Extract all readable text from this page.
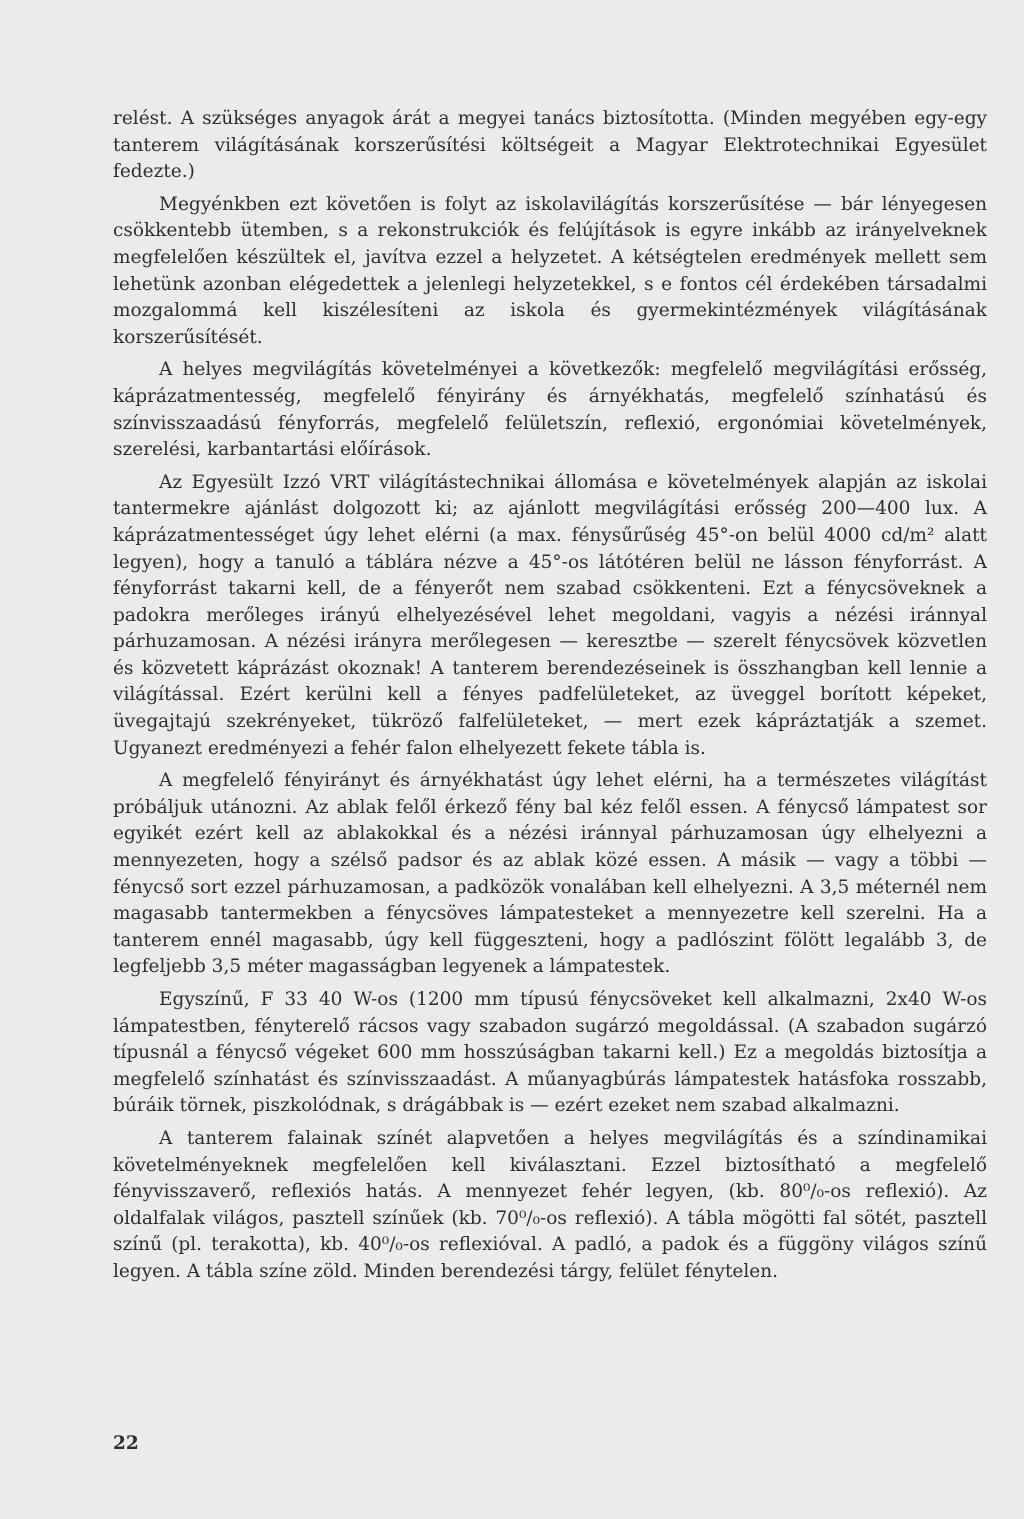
relést. A szükséges anyagok árát a megyei tanács biztosította. (Minden megyében egy-egy tanterem világításának korszerűsítési költségeit a Magyar Elektrotechnikai Egyesület fedezte.)

Megyénkben ezt követően is folyt az iskolavilágítás korszerűsítése — bár lényegesen csökkentebb ütemben, s a rekonstrukciók és felújítások is egyre inkább az irányelveknek megfelelően készültek el, javítva ezzel a helyzetet. A kétségtelen eredmények mellett sem lehetünk azonban elégedettek a jelenlegi helyzetekkel, s e fontos cél érdekében társadalmi mozgalommá kell kiszélesíteni az iskola és gyermekintézmények világításának korszerűsítését.

A helyes megvilágítás követelményei a következők: megfelelő megvilágítási erősség, káprázatmentesség, megfelelő fényirány és árnyékhatás, megfelelő színhatású és színvisszaadású fényforrás, megfelelő felületszín, reflexió, ergonómiai követelmények, szerelési, karbantartási előírások.

Az Egyesült Izzó VRT világítástechnikai állomása e követelmények alapján az iskolai tantermekre ajánlást dolgozott ki; az ajánlott megvilágítási erősség 200—400 lux. A káprázatmentességet úgy lehet elérni (a max. fénysűrűség 45°-on belül 4000 cd/m² alatt legyen), hogy a tanuló a táblára nézve a 45°-os látótéren belül ne lásson fényforrást. A fényforrást takarni kell, de a fényerőt nem szabad csökkenteni. Ezt a fénycsöveknek a padokra merőleges irányú elhelyezésével lehet megoldani, vagyis a nézési iránnyal párhuzamosan. A nézési irányra merőlegesen — keresztbe — szerelt fénycsövek közvetlen és közvetett káprázást okoznak! A tanterem berendezéseinek is összhangban kell lennie a világítással. Ezért kerülni kell a fényes padfelületeket, az üveggel borított képeket, üvegajtajú szekrényeket, tükröző falfelületeket, — mert ezek kápráztatják a szemet. Ugyanezt eredményezi a fehér falon elhelyezett fekete tábla is.

A megfelelő fényirányt és árnyékhatást úgy lehet elérni, ha a természetes világítást próbáljuk utánozni. Az ablak felől érkező fény bal kéz felől essen. A fénycső lámpatest sor egyikét ezért kell az ablakokkal és a nézési iránnyal párhuzamosan úgy elhelyezni a mennyezeten, hogy a szélső padsor és az ablak közé essen. A másik — vagy a többi — fénycső sort ezzel párhuzamosan, a padközök vonalában kell elhelyezni. A 3,5 méternél nem magasabb tantermekben a fénycsöves lámpatesteket a mennyezetre kell szerelni. Ha a tanterem ennél magasabb, úgy kell függeszteni, hogy a padlószint fölött legalább 3, de legfeljebb 3,5 méter magasságban legyenek a lámpatestek.

Egyszínű, F 33 40 W-os (1200 mm típusú fénycsöveket kell alkalmazni, 2x40 W-os lámpatestben, fényterelő rácsos vagy szabadon sugárzó megoldással. (A szabadon sugárzó típusnál a fénycső végeket 600 mm hosszúságban takarni kell.) Ez a megoldás biztosítja a megfelelő színhatást és színvisszaadást. A műanyagbúrás lámpatestek hatásfoka rosszabb, búráik törnek, piszkolódnak, s drágábbak is — ezért ezeket nem szabad alkalmazni.

A tanterem falainak színét alapvetően a helyes megvilágítás és a színdinamikai követelményeknek megfelelően kell kiválasztani. Ezzel biztosítható a megfelelő fényvisszaverő, reflexiós hatás. A mennyezet fehér legyen, (kb. 80⁰/₀-os reflexió). Az oldalfalak világos, pasztell színűek (kb. 70⁰/₀-os reflexió). A tábla mögötti fal sötét, pasztell színű (pl. terakotta), kb. 40⁰/₀-os reflexióval. A padló, a padok és a függöny világos színű legyen. A tábla színe zöld. Minden berendezési tárgy, felület fénytelen.

22
